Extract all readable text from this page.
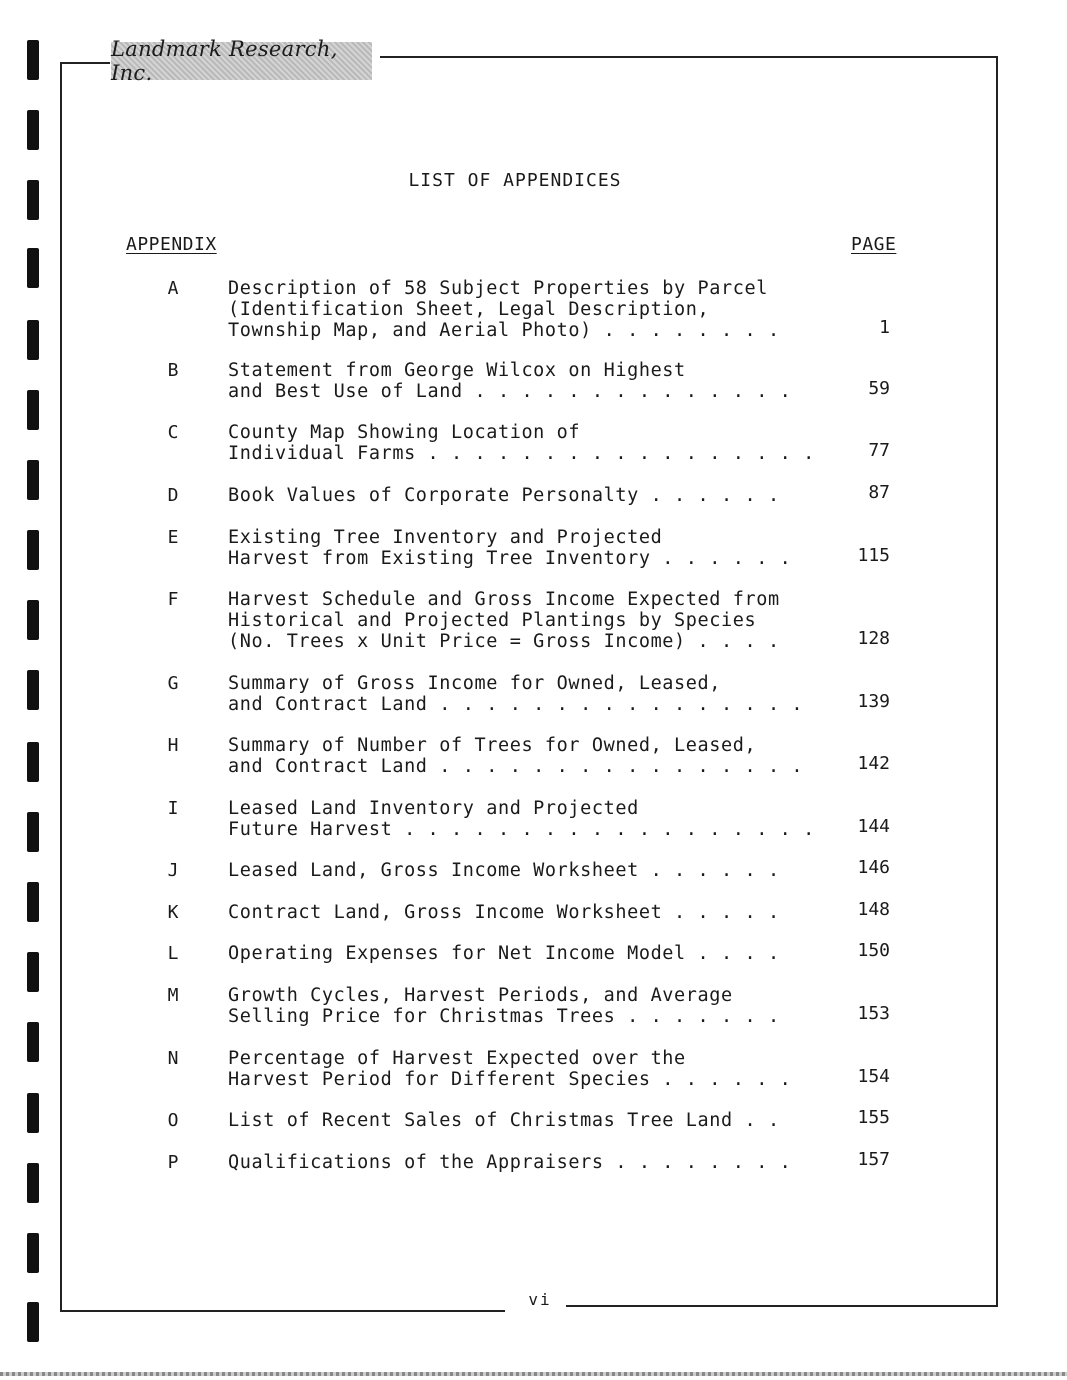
Landmark Research, Inc.
LIST OF APPENDICES
APPENDIX	PAGE
A	Description of 58 Subject Properties by Parcel
(Identification Sheet, Legal Description,
Township Map, and Aerial Photo) . . . . . . . .	1
B	Statement from George Wilcox on Highest
and Best Use of Land . . . . . . . . . . . . . .	59
C	County Map Showing Location of
Individual Farms . . . . . . . . . . . . . . . . .	77
D	Book Values of Corporate Personalty . . . . . .	87
E	Existing Tree Inventory and Projected
Harvest from Existing Tree Inventory . . . . . .	115
F	Harvest Schedule and Gross Income Expected from
Historical and Projected Plantings by Species
(No. Trees x Unit Price = Gross Income) . . . .	128
G	Summary of Gross Income for Owned, Leased,
and Contract Land . . . . . . . . . . . . . . . .	139
H	Summary of Number of Trees for Owned, Leased,
and Contract Land . . . . . . . . . . . . . . . .	142
I	Leased Land Inventory and Projected
Future Harvest . . . . . . . . . . . . . . . . . .	144
J	Leased Land, Gross Income Worksheet . . . . . .	146
K	Contract Land, Gross Income Worksheet . . . . .	148
L	Operating Expenses for Net Income Model . . . .	150
M	Growth Cycles, Harvest Periods, and Average
Selling Price for Christmas Trees . . . . . . .	153
N	Percentage of Harvest Expected over the
Harvest Period for Different Species . . . . . .	154
O	List of Recent Sales of Christmas Tree Land . .	155
P	Qualifications of the Appraisers . . . . . . . .	157
vi
